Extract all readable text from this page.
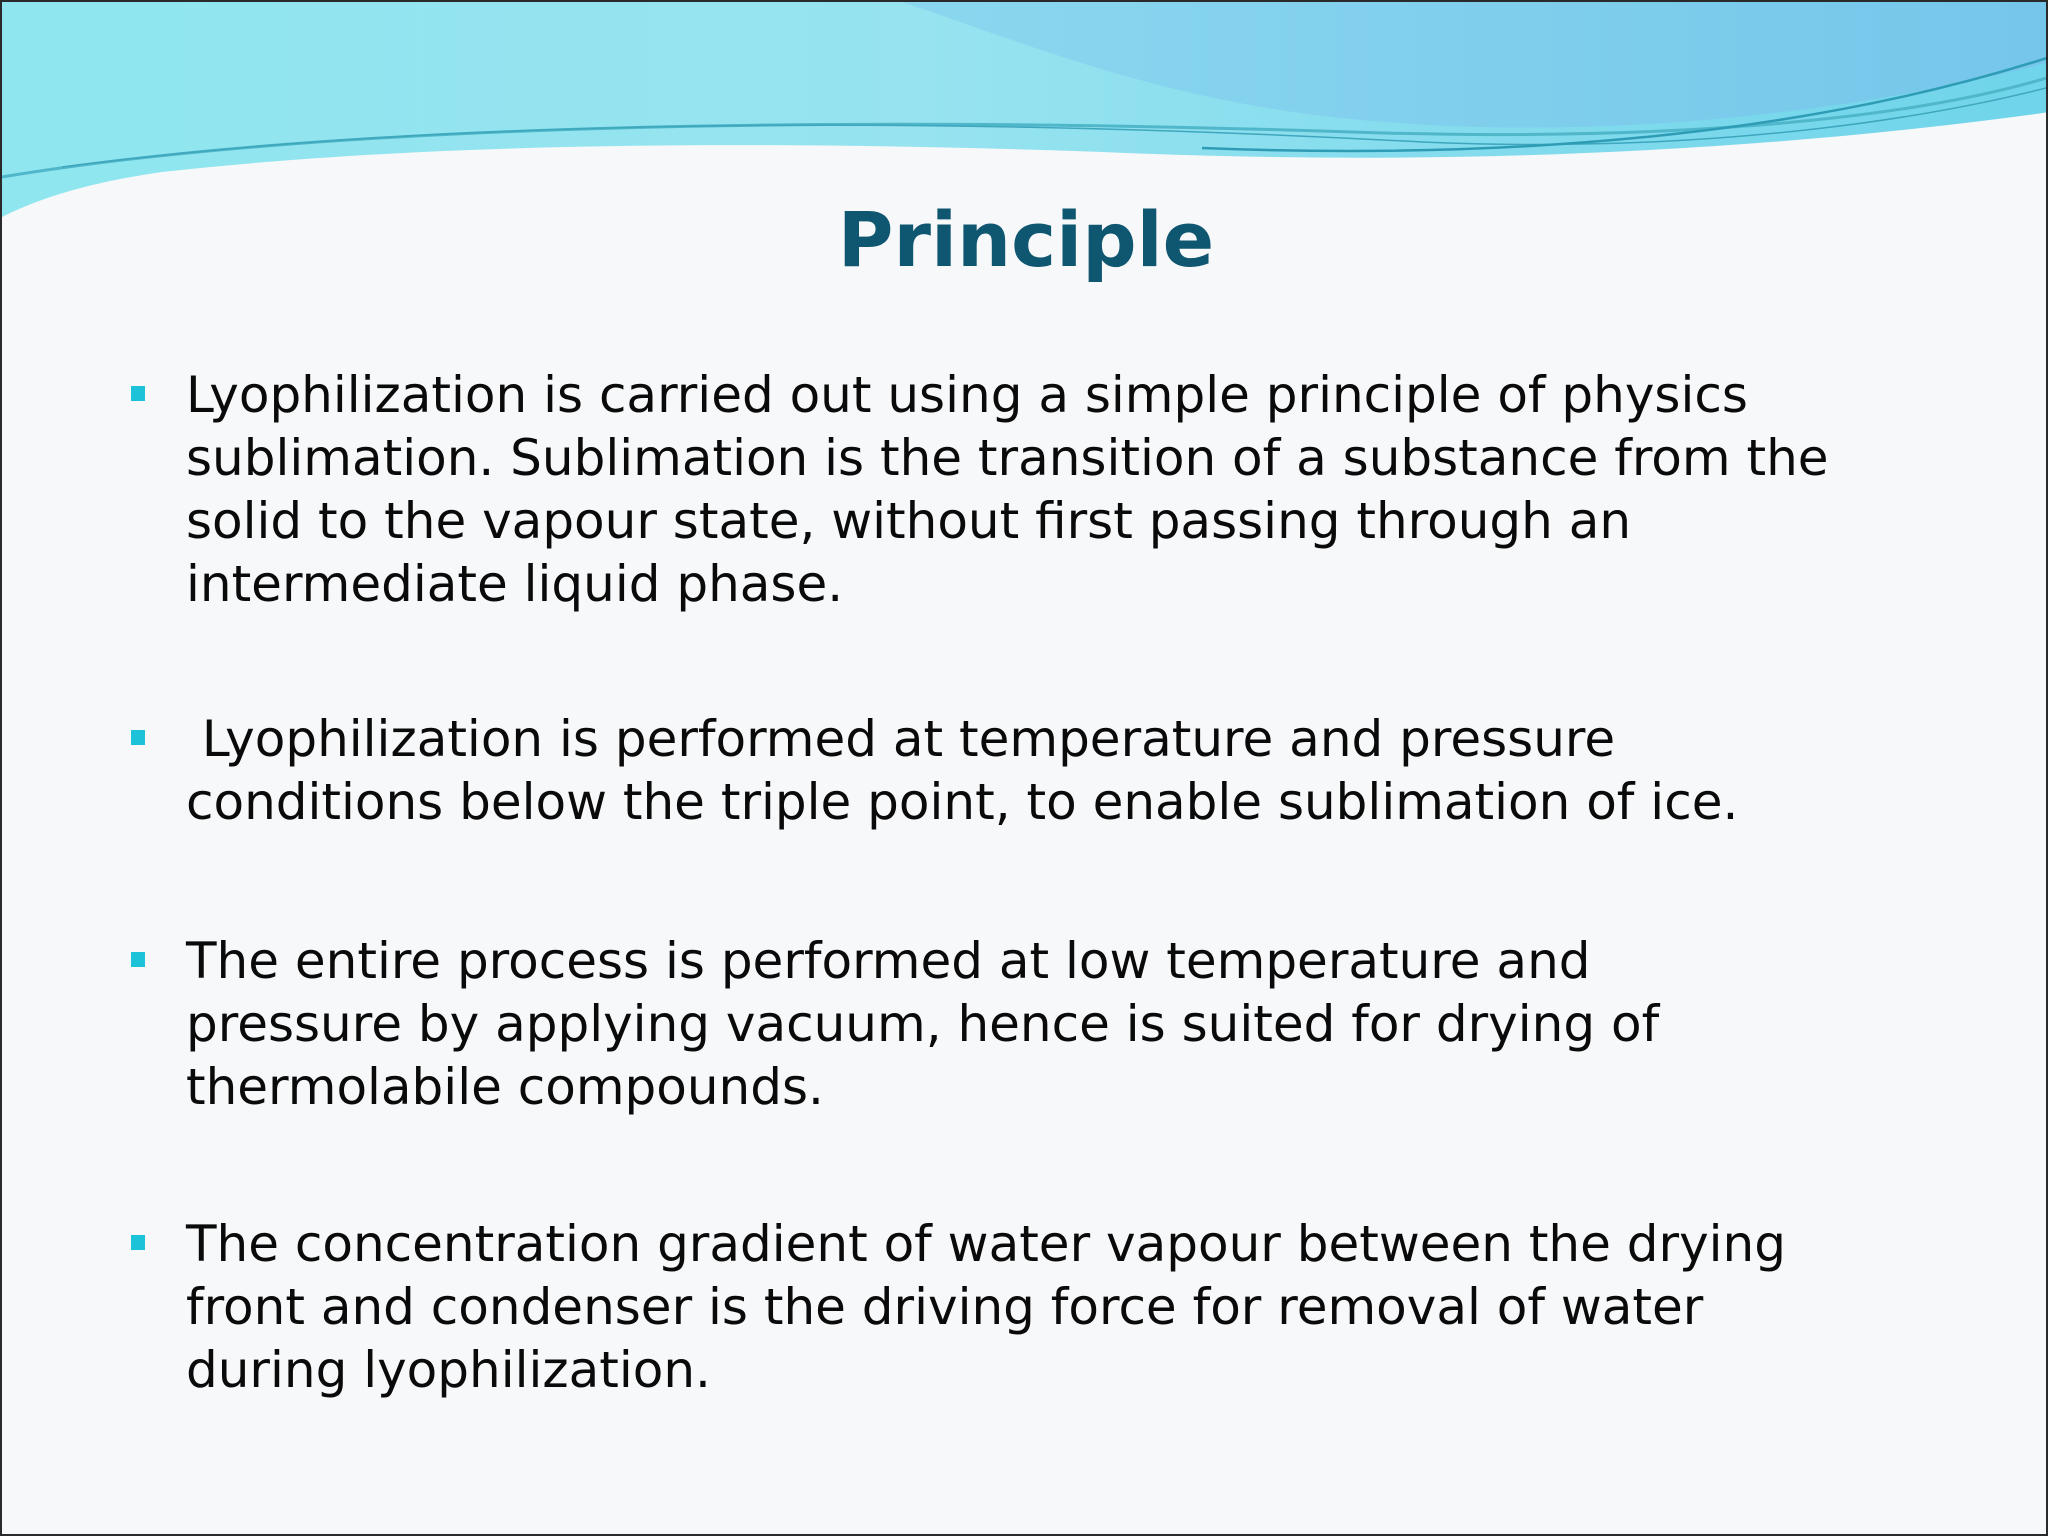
Principle
Lyophilization is carried out using a simple principle of physics
sublimation. Sublimation is the transition of a substance from the
solid to the vapour state, without first passing through an
intermediate liquid phase.
Lyophilization is performed at temperature and pressure
conditions below the triple point, to enable sublimation of ice.
The entire process is performed at low temperature and
pressure by applying vacuum, hence is suited for drying of
thermolabile compounds.
The concentration gradient of water vapour between the drying
front and condenser is the driving force for removal of water
during lyophilization.
